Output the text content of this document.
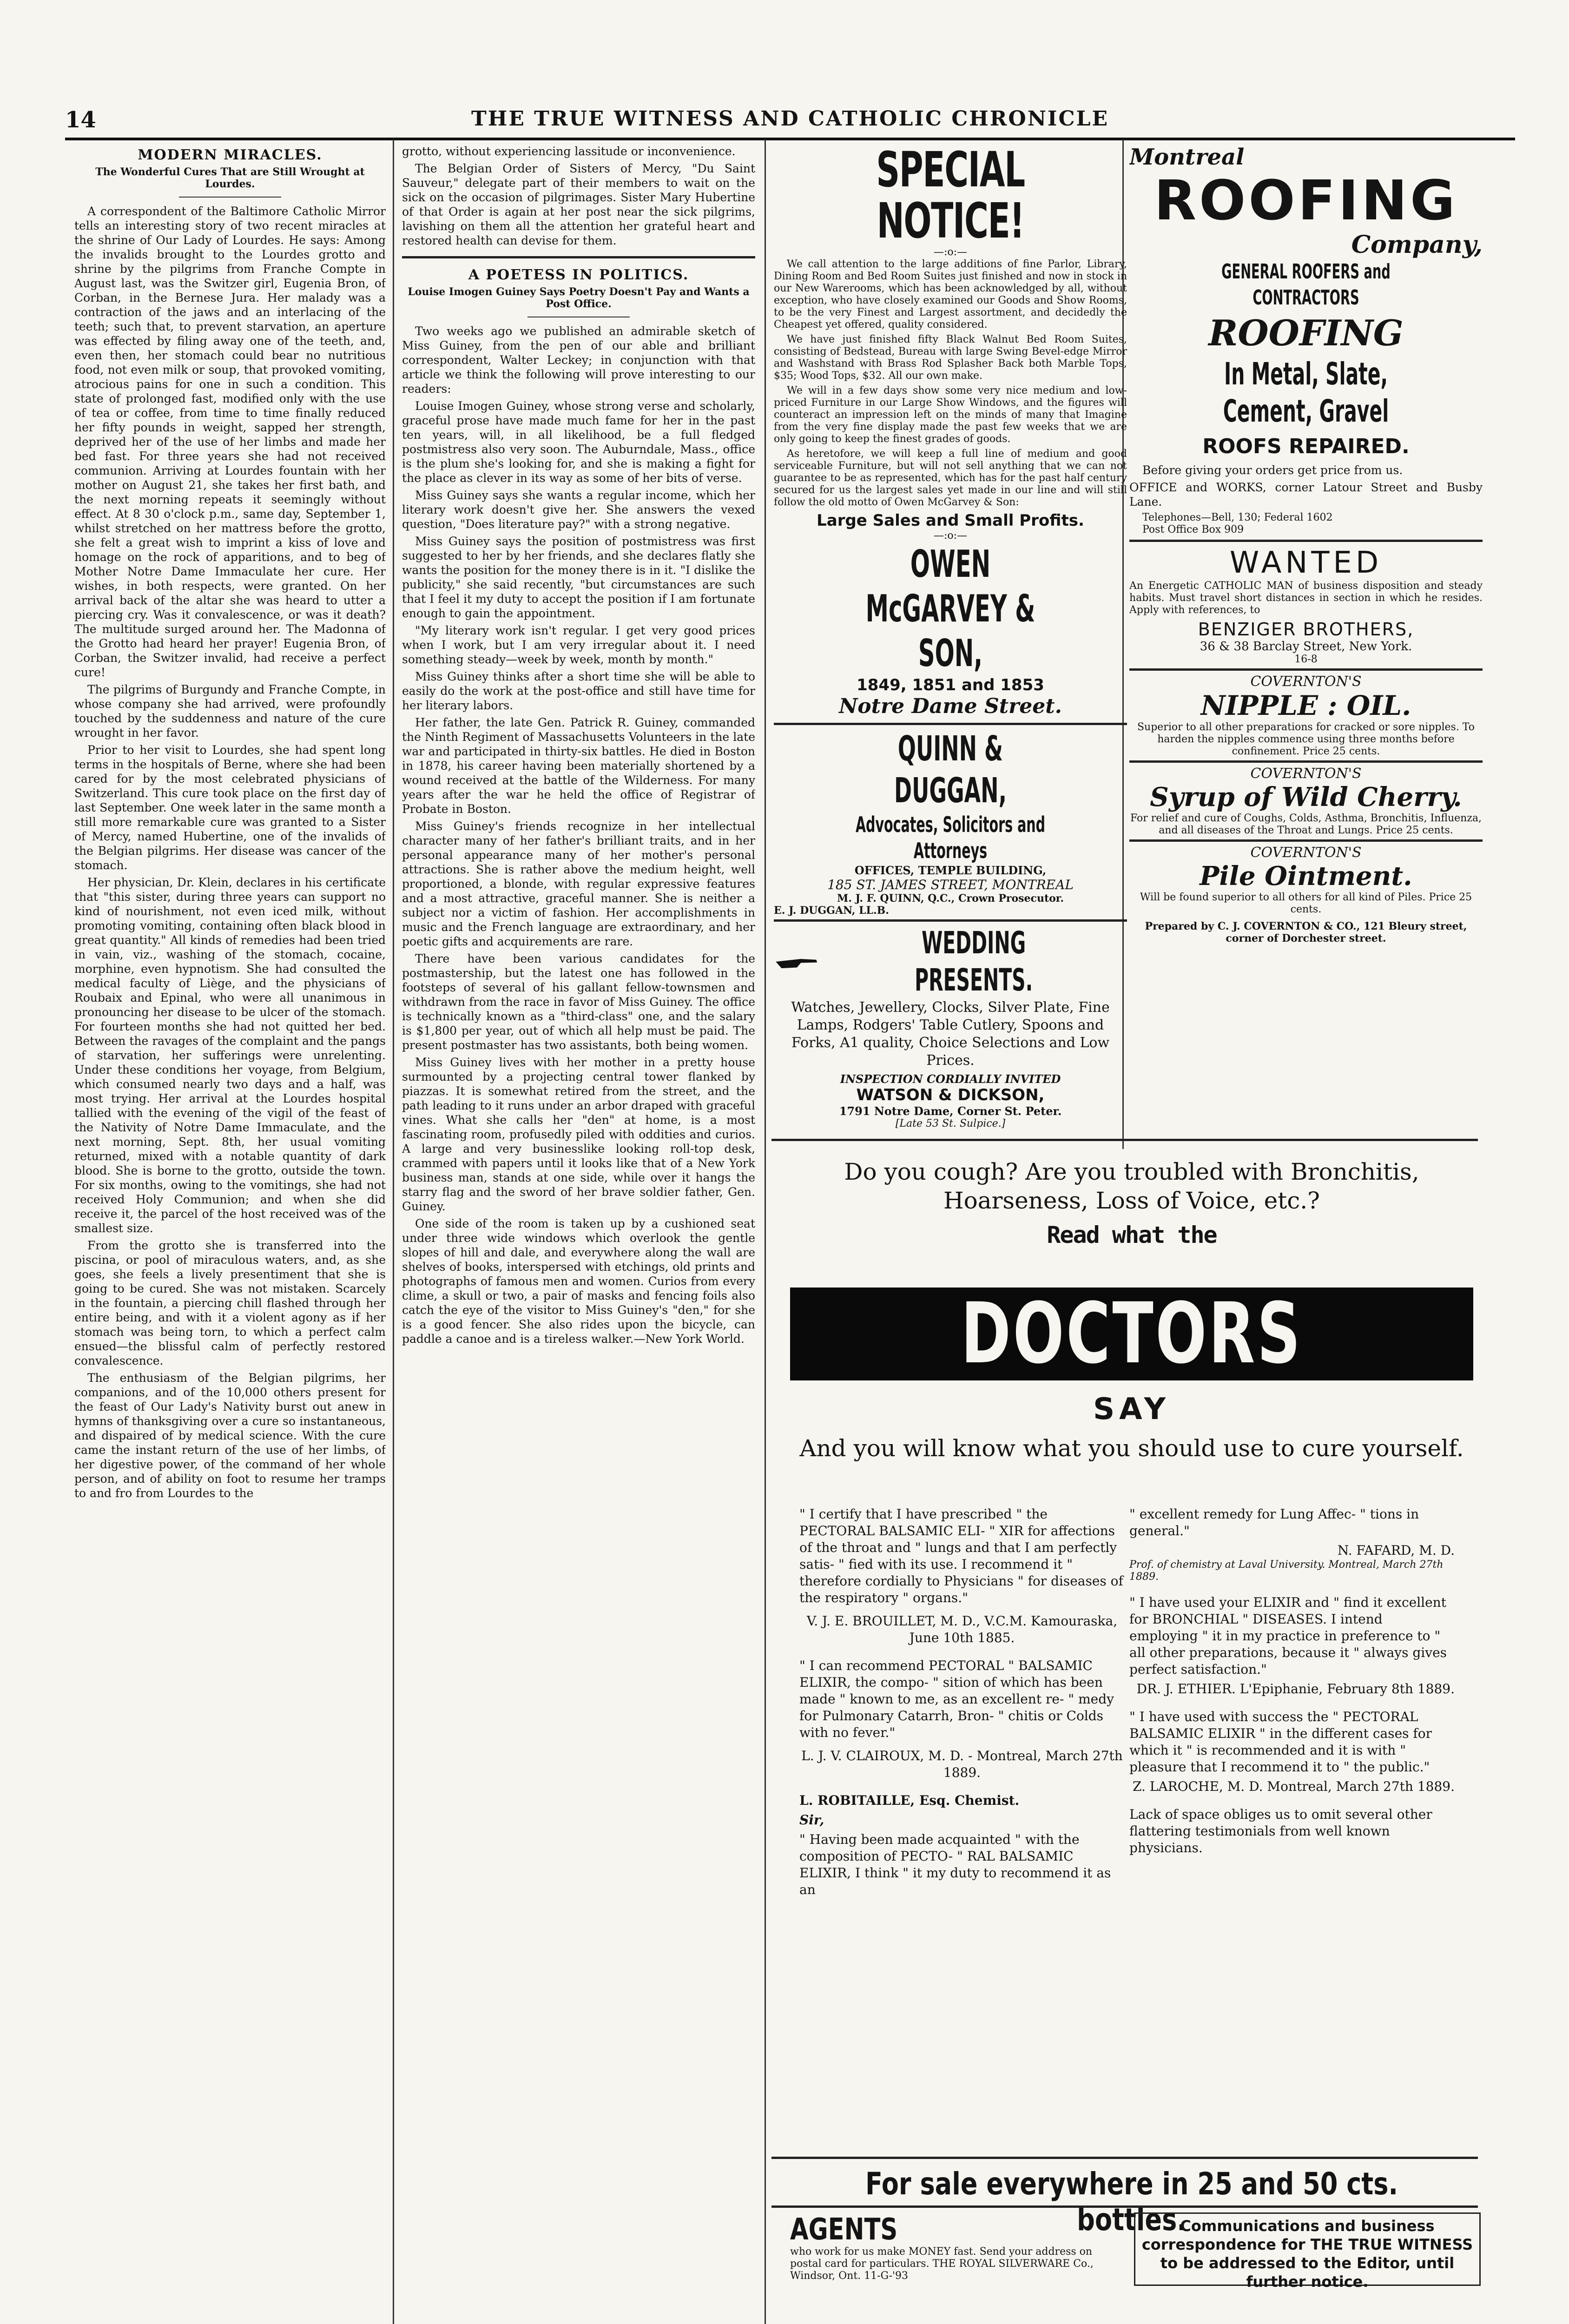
14	THE TRUE WITNESS AND CATHOLIC CHRONICLE
MODERN MIRACLES.
The Wonderful Cures That are Still Wrought at Lourdes.

A correspondent of the Baltimore Catholic Mirror tells an interesting story of two recent miracles at the shrine of Our Lady of Lourdes. He says: Among the invalids brought to the Lourdes grotto and shrine by the pilgrims from Franche Compte in August last, was the Switzer girl, Eugenia Bron, of Corban, in the Bernese Jura. Her malady was a contraction of the jaws and an interlacing of the teeth; such that, to prevent starvation, an aperture was effected by filing away one of the teeth, and, even then, her stomach could bear no nutritious food, not even milk or soup, that provoked vomiting, atrocious pains for one in such a condition. This state of prolonged fast, modified only with the use of tea or coffee, from time to time finally reduced her fifty pounds in weight, sapped her strength, deprived her of the use of her limbs and made her bed fast. For three years she had not received communion. Arriving at Lourdes fountain with her mother on August 21, she takes her first bath, and the next morning repeats it seemingly without effect. At 8 30 o'clock p.m., same day, September 1, whilst stretched on her mattress before the grotto, she felt a great wish to imprint a kiss of love and homage on the rock of apparitions, and to beg of Mother Notre Dame Immaculate her cure. Her wishes, in both respects, were granted. On her arrival back of the altar she was heard to utter a piercing cry. Was it convalescence, or was it death? The multitude surged around her. The Madonna of the Grotto had heard her prayer! Eugenia Bron, of Corban, the Switzer invalid, had receive a perfect cure!

The pilgrims of Burgundy and Franche Compte, in whose company she had arrived, were profoundly touched by the suddenness and nature of the cure wrought in her favor.

Prior to her visit to Lourdes, she had spent long terms in the hospitals of Berne, where she had been cared for by the most celebrated physicians of Switzerland. This cure took place on the first day of last September. One week later in the same month a still more remarkable cure was granted to a Sister of Mercy, named Hubertine, one of the invalids of the Belgian pilgrims. Her disease was cancer of the stomach.

Her physician, Dr. Klein, declares in his certificate that "this sister, during three years can support no kind of nourishment, not even iced milk, without promoting vomiting, containing often black blood in great quantity." All kinds of remedies had been tried in vain, viz., washing of the stomach, cocaine, morphine, even hypnotism. She had consulted the medical faculty of Liège, and the physicians of Roubaix and Epinal, who were all unanimous in pronouncing her disease to be ulcer of the stomach. For fourteen months she had not quitted her bed. Between the ravages of the complaint and the pangs of starvation, her sufferings were unrelenting. Under these conditions her voyage, from Belgium, which consumed nearly two days and a half, was most trying. Her arrival at the Lourdes hospital tallied with the evening of the vigil of the feast of the Nativity of Notre Dame Immaculate, and the next morning, Sept. 8th, her usual vomiting returned, mixed with a notable quantity of dark blood. She is borne to the grotto, outside the town. For six months, owing to the vomitings, she had not received Holy Communion; and when she did receive it, the parcel of the host received was of the smallest size.

From the grotto she is transferred into the piscina, or pool of miraculous waters, and, as she goes, she feels a lively presentiment that she is going to be cured. She was not mistaken. Scarcely in the fountain, a piercing chill flashed through her entire being, and with it a violent agony as if her stomach was being torn, to which a perfect calm ensued—the blissful calm of perfectly restored convalescence.

The enthusiasm of the Belgian pilgrims, her companions, and of the 10,000 others present for the feast of Our Lady's Nativity burst out anew in hymns of thanksgiving over a cure so instantaneous, and dispaired of by medical science. With the cure came the instant return of the use of her limbs, of her digestive power, of the command of her whole person, and of ability on foot to resume her tramps to and fro from Lourdes to the

grotto, without experiencing lassitude or inconvenience.

The Belgian Order of Sisters of Mercy, "Du Saint Sauveur," delegate part of their members to wait on the sick on the occasion of pilgrimages. Sister Mary Hubertine of that Order is again at her post near the sick pilgrims, lavishing on them all the attention her grateful heart and restored health can devise for them.

A POETESS IN POLITICS.
Louise Imogen Guiney Says Poetry Doesn't Pay and Wants a Post Office.

Two weeks ago we published an admirable sketch of Miss Guiney, from the pen of our able and brilliant correspondent, Walter Leckey; in conjunction with that article we think the following will prove interesting to our readers:

Louise Imogen Guiney, whose strong verse and scholarly, graceful prose have made much fame for her in the past ten years, will, in all likelihood, be a full fledged postmistress also very soon. The Auburndale, Mass., office is the plum she's looking for, and she is making a fight for the place as clever in its way as some of her bits of verse.

Miss Guiney says she wants a regular income, which her literary work doesn't give her. She answers the vexed question, "Does literature pay?" with a strong negative.

Miss Guiney says the position of postmistress was first suggested to her by her friends, and she declares flatly she wants the position for the money there is in it. "I dislike the publicity," she said recently, "but circumstances are such that I feel it my duty to accept the position if I am fortunate enough to gain the appointment.

"My literary work isn't regular. I get very good prices when I work, but I am very irregular about it. I need something steady—week by week, month by month."

Miss Guiney thinks after a short time she will be able to easily do the work at the post-office and still have time for her literary labors.

Her father, the late Gen. Patrick R. Guiney, commanded the Ninth Regiment of Massachusetts Volunteers in the late war and participated in thirty-six battles. He died in Boston in 1878, his career having been materially shortened by a wound received at the battle of the Wilderness. For many years after the war he held the office of Registrar of Probate in Boston.

Miss Guiney's friends recognize in her intellectual character many of her father's brilliant traits, and in her personal appearance many of her mother's personal attractions. She is rather above the medium height, well proportioned, a blonde, with regular expressive features and a most attractive, graceful manner. She is neither a subject nor a victim of fashion. Her accomplishments in music and the French language are extraordinary, and her poetic gifts and acquirements are rare.

There have been various candidates for the postmastership, but the latest one has followed in the footsteps of several of his gallant fellow-townsmen and withdrawn from the race in favor of Miss Guiney. The office is technically known as a "third-class" one, and the salary is $1,800 per year, out of which all help must be paid. The present postmaster has two assistants, both being women.

Miss Guiney lives with her mother in a pretty house surmounted by a projecting central tower flanked by piazzas. It is somewhat retired from the street, and the path leading to it runs under an arbor draped with graceful vines. What she calls her "den" at home, is a most fascinating room, profusedly piled with oddities and curios. A large and very businesslike looking roll-top desk, crammed with papers until it looks like that of a New York business man, stands at one side, while over it hangs the starry flag and the sword of her brave soldier father, Gen. Guiney.

One side of the room is taken up by a cushioned seat under three wide windows which overlook the gentle slopes of hill and dale, and everywhere along the wall are shelves of books, interspersed with etchings, old prints and photographs of famous men and women. Curios from every clime, a skull or two, a pair of masks and fencing foils also catch the eye of the visitor to Miss Guiney's "den," for she is a good fencer. She also rides upon the bicycle, can paddle a canoe and is a tireless walker.—New York World.

SPECIAL NOTICE!
—:o:—

We call attention to the large additions of fine Parlor, Library, Dining Room and Bed Room Suites just finished and now in stock in our New Warerooms, which has been acknowledged by all, without exception, who have closely examined our Goods and Show Rooms, to be the very Finest and Largest assortment, and decidedly the Cheapest yet offered, quality considered.

We have just finished fifty Black Walnut Bed Room Suites, consisting of Bedstead, Bureau with large Swing Bevel-edge Mirror and Washstand with Brass Rod Splasher Back both Marble Tops, $35; Wood Tops, $32. All our own make.

We will in a few days show some very nice medium and low-priced Furniture in our Large Show Windows, and the figures will counteract an impression left on the minds of many that Imagine from the very fine display made the past few weeks that we are only going to keep the finest grades of goods.

As heretofore, we will keep a full line of medium and good serviceable Furniture, but will not sell anything that we can not guarantee to be as represented, which has for the past half century secured for us the largest sales yet made in our line and will still follow the old motto of Owen McGarvey & Son:

Large Sales and Small Profits.
—:o:—
OWEN McGARVEY & SON,
1849, 1851 and 1853
Notre Dame Street.
QUINN & DUGGAN,
Advocates, Solicitors and Attorneys
OFFICES, TEMPLE BUILDING,
185 ST. JAMES STREET, MONTREAL
M. J. F. QUINN, Q.C., Crown Prosecutor.
E. J. DUGGAN, LL.B.
WEDDING PRESENTS.
Watches, Jewellery, Clocks, Silver Plate, Fine Lamps, Rodgers' Table Cutlery, Spoons and Forks, A1 quality, Choice Selections and Low Prices.
INSPECTION CORDIALLY INVITED
WATSON & DICKSON,
1791 Notre Dame, Corner St. Peter.
[Late 53 St. Sulpice.]
Montreal
ROOFING
Company,
GENERAL ROOFERS and CONTRACTORS
ROOFING
In Metal, Slate, Cement, Gravel
ROOFS REPAIRED.

Before giving your orders get price from us.

OFFICE and WORKS, corner Latour Street and Busby Lane.

Telephones—Bell, 130; Federal 1602
Post Office Box 909
WANTED

An Energetic CATHOLIC MAN of business disposition and steady habits. Must travel short distances in section in which he resides. Apply with references, to

BENZIGER BROTHERS,
36 & 38 Barclay Street, New York.
16-8
COVERNTON'S
NIPPLE : OIL.
Superior to all other preparations for cracked or sore nipples. To harden the nipples commence using three months before confinement. Price 25 cents.
COVERNTON'S
Syrup of Wild Cherry.
For relief and cure of Coughs, Colds, Asthma, Bronchitis, Influenza, and all diseases of the Throat and Lungs. Price 25 cents.
COVERNTON'S
Pile Ointment.
Will be found superior to all others for all kind of Piles. Price 25 cents.
Prepared by C. J. COVERNTON & CO., 121 Bleury street, corner of Dorchester street.
Do you cough? Are you troubled with Bronchitis, Hoarseness, Loss of Voice, etc.?
Read what the
DOCTORS
SAY
And you will know what you should use to cure yourself.

" I certify that I have prescribed " the PECTORAL BALSAMIC ELI- " XIR for affections of the throat and " lungs and that I am perfectly satis- " fied with its use. I recommend it " therefore cordially to Physicians " for diseases of the respiratory " organs."

V. J. E. BROUILLET, M. D., V.C.M. Kamouraska, June 10th 1885.

" I can recommend PECTORAL " BALSAMIC ELIXIR, the compo- " sition of which has been made " known to me, as an excellent re- " medy for Pulmonary Catarrh, Bron- " chitis or Colds with no fever."

L. J. V. CLAIROUX, M. D. - Montreal, March 27th 1889.

L. ROBITAILLE, Esq. Chemist.

Sir,

" Having been made acquainted " with the composition of PECTO- " RAL BALSAMIC ELIXIR, I think " it my duty to recommend it as an

" excellent remedy for Lung Affec- " tions in general."

N. FAFARD, M. D.

Prof. of chemistry at Laval University. Montreal, March 27th 1889.

" I have used your ELIXIR and " find it excellent for BRONCHIAL " DISEASES. I intend employing " it in my practice in preference to " all other preparations, because it " always gives perfect satisfaction."

DR. J. ETHIER. L'Epiphanie, February 8th 1889.

" I have used with success the " PECTORAL BALSAMIC ELIXIR " in the different cases for which it " is recommended and it is with " pleasure that I recommend it to " the public."

Z. LAROCHE, M. D. Montreal, March 27th 1889.

Lack of space obliges us to omit several other flattering testimonials from well known physicians.

For sale everywhere in 25 and 50 cts. bottles.
AGENTS
who work for us make MONEY fast. Send your address on postal card for particulars. THE ROYAL SILVERWARE Co., Windsor, Ont. 11-G-'93
Communications and business correspondence for THE TRUE WITNESS to be addressed to the Editor, until further notice.
